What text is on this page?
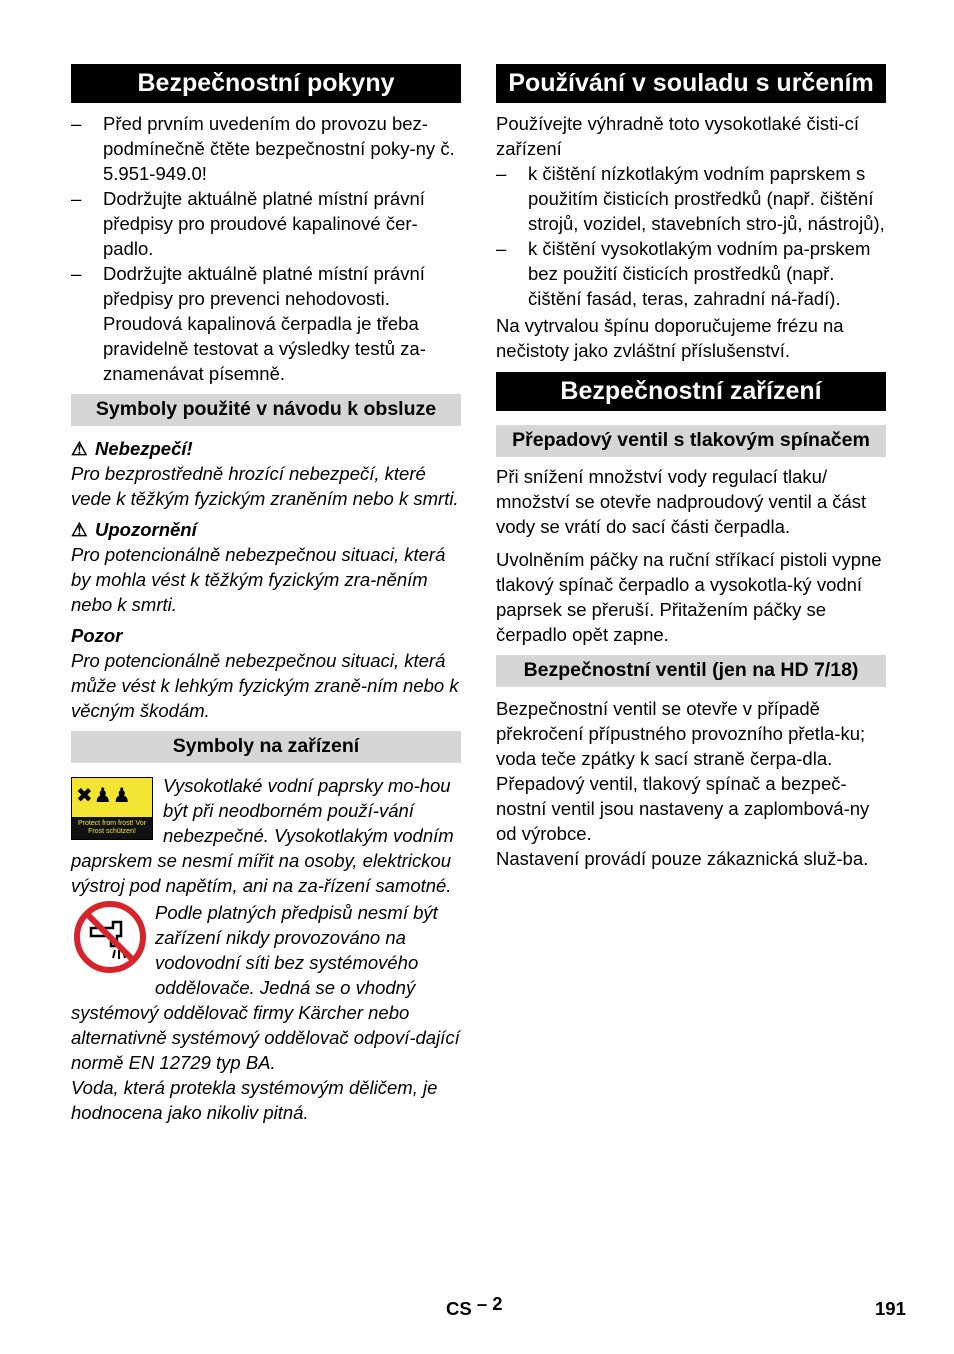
Bezpečnostní pokyny
– Před prvním uvedením do provozu bez-podmínečně čtěte bezpečnostní poky-ny č. 5.951-949.0!
– Dodržujte aktuálně platné místní právní předpisy pro proudové kapalinové čer-padlo.
– Dodržujte aktuálně platné místní právní předpisy pro prevenci nehodovosti. Proudová kapalinová čerpadla je třeba pravidelně testovat a výsledky testů za-znamenávat písemně.
Symboly použité v návodu k obsluze

⚠ Nebezpečí!

Pro bezprostředně hrozící nebezpečí, které vede k těžkým fyzickým zraněním nebo k smrti.

⚠ Upozornění

Pro potencionálně nebezpečnou situaci, která by mohla vést k těžkým fyzickým zra-něním nebo k smrti.

Pozor

Pro potencionálně nebezpečnou situaci, která může vést k lehkým fyzickým zraně-ním nebo k věcným škodám.

Symboly na zařízení
✖♟♟
Protect from frost! Vor Frost schützen!

Vysokotlaké vodní paprsky mo-hou být při neodborném použí-vání nebezpečné. Vysokotlakým vodním paprskem se nesmí mířit na osoby, elektrickou výstroj pod napětím, ani na za-řízení samotné.

Podle platných předpisů nesmí být zařízení nikdy provozováno na vodovodní síti bez systémového oddělovače. Jedná se o vhodný systémový oddělovač firmy Kärcher nebo alternativně systémový oddělovač odpoví-dající normě EN 12729 typ BA.

Voda, která protekla systémovým děličem, je hodnocena jako nikoliv pitná.

Používání v souladu s určením

Používejte výhradně toto vysokotlaké čisti-cí zařízení

– k čištění nízkotlakým vodním paprskem s použitím čisticích prostředků (např. čištění strojů, vozidel, stavebních stro-jů, nástrojů),
– k čištění vysokotlakým vodním pa-prskem bez použití čisticích prostředků (např. čištění fasád, teras, zahradní ná-řadí).

Na vytrvalou špínu doporučujeme frézu na nečistoty jako zvláštní příslušenství.

Bezpečnostní zařízení
Přepadový ventil s tlakovým spínačem

Při snížení množství vody regulací tlaku/ množství se otevře nadproudový ventil a část vody se vrátí do sací části čerpadla.

Uvolněním páčky na ruční stříkací pistoli vypne tlakový spínač čerpadlo a vysokotla-ký vodní paprsek se přeruší. Přitažením páčky se čerpadlo opět zapne.

Bezpečnostní ventil (jen na HD 7/18)

Bezpečnostní ventil se otevře v případě překročení přípustného provozního přetla-ku; voda teče zpátky k sací straně čerpa-dla.

Přepadový ventil, tlakový spínač a bezpeč-nostní ventil jsou nastaveny a zaplombová-ny od výrobce.

Nastavení provádí pouze zákaznická služ-ba.

CS – 2	191
